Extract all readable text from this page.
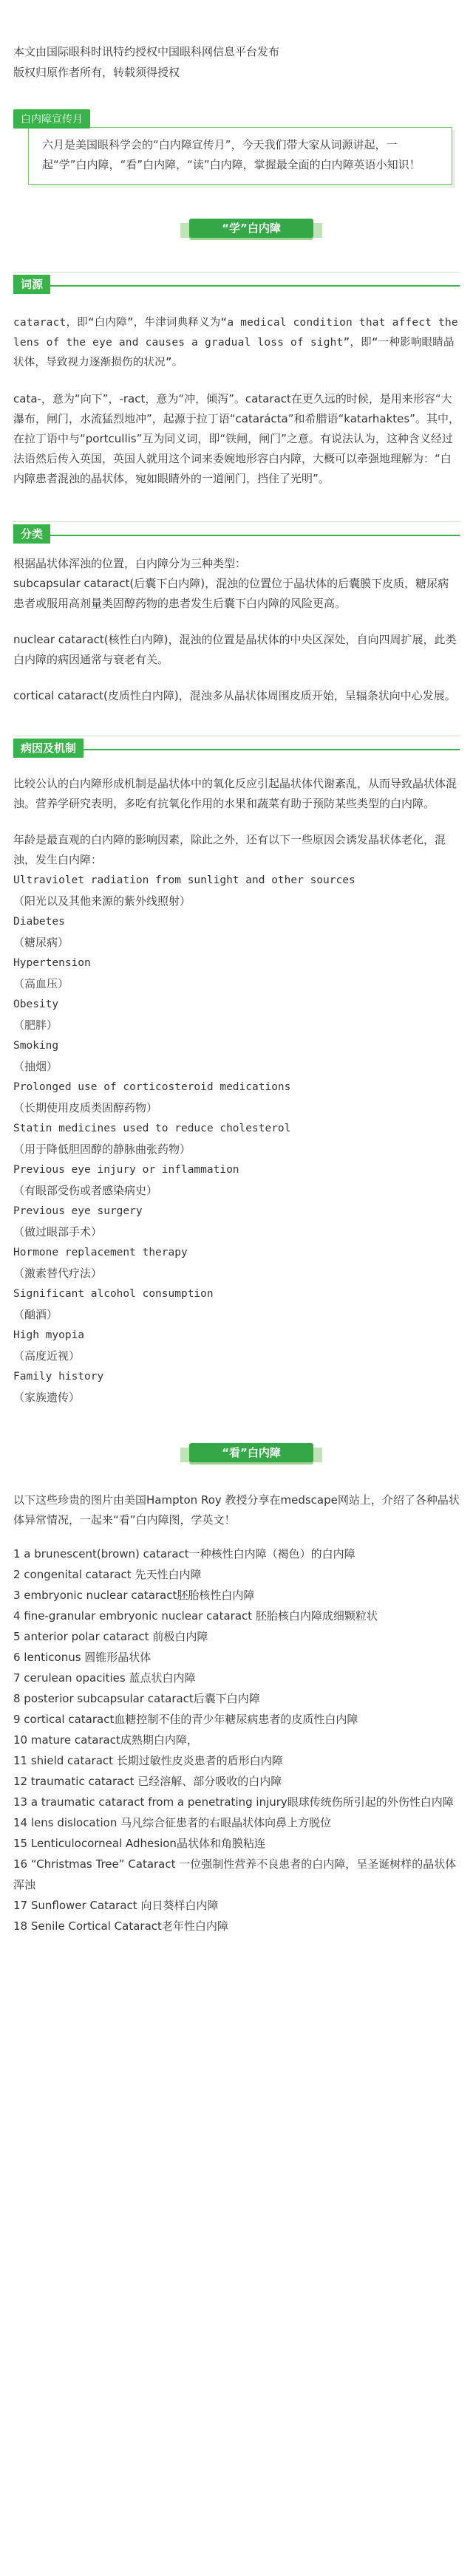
本文由国际眼科时讯特约授权中国眼科网信息平台发布

版权归原作者所有，转载须得授权

白内障宣传月
六月是美国眼科学会的“白内障宣传月”，今天我们带大家从词源讲起，一起“学”白内障，“看”白内障，“读”白内障，掌握最全面的白内障英语小知识！
“学”白内障
词源

cataract，即“白内障”，牛津词典释义为“a medical condition that affect the lens of the eye and causes a gradual loss of sight”，即“一种影响眼睛晶状体，导致视力逐渐损伤的状况”。

cata-，意为“向下”，-ract，意为“冲，倾泻”。cataract在更久远的时候，是用来形容“大瀑布，闸门，水流猛烈地冲”，起源于拉丁语“catarácta”和希腊语“katarhaktes”。其中，在拉丁语中与“portcullis”互为同义词，即“铁闸，闸门”之意。有说法认为，这种含义经过法语然后传入英国，英国人就用这个词来委婉地形容白内障，大概可以牵强地理解为：“白内障患者混浊的晶状体，宛如眼睛外的一道闸门，挡住了光明”。

分类

根据晶状体浑浊的位置，白内障分为三种类型：

subcapsular cataract(后囊下白内障)，混浊的位置位于晶状体的后囊膜下皮质，糖尿病患者或服用高剂量类固醇药物的患者发生后囊下白内障的风险更高。

nuclear cataract(核性白内障)，混浊的位置是晶状体的中央区深处，自向四周扩展，此类白内障的病因通常与衰老有关。

cortical cataract(皮质性白内障)，混浊多从晶状体周围皮质开始，呈辐条状向中心发展。

病因及机制

比较公认的白内障形成机制是晶状体中的氧化反应引起晶状体代谢紊乱，从而导致晶状体混浊。营养学研究表明，多吃有抗氧化作用的水果和蔬菜有助于预防某些类型的白内障。

年龄是最直观的白内障的影响因素，除此之外，还有以下一些原因会诱发晶状体老化，混浊，发生白内障：

Ultraviolet radiation from sunlight and other sources
（阳光以及其他来源的紫外线照射）
Diabetes
（糖尿病）
Hypertension
（高血压）
Obesity
（肥胖）
Smoking
（抽烟）
Prolonged use of corticosteroid medications
（长期使用皮质类固醇药物）
Statin medicines used to reduce cholesterol
（用于降低胆固醇的静脉曲张药物）
Previous eye injury or inflammation
（有眼部受伤或者感染病史）
Previous eye surgery
（做过眼部手术）
Hormone replacement therapy
（激素替代疗法）
Significant alcohol consumption
（酗酒）
High myopia
（高度近视）
Family history
（家族遗传）
“看”白内障

以下这些珍贵的图片由美国Hampton Roy 教授分享在medscape网站上，介绍了各种晶状体异常情况，一起来“看”白内障图，学英文！

1 a brunescent(brown) cataract一种核性白内障（褐色）的白内障
2 congenital cataract 先天性白内障
3 embryonic nuclear cataract胚胎核性白内障
4 fine-granular embryonic nuclear cataract 胚胎核白内障成细颗粒状
5 anterior polar cataract 前极白内障
6 lenticonus 圆锥形晶状体
7 cerulean opacities 蓝点状白内障
8 posterior subcapsular cataract后囊下白内障
9 cortical cataract血糖控制不佳的青少年糖尿病患者的皮质性白内障
10 mature cataract成熟期白内障，
11 shield cataract 长期过敏性皮炎患者的盾形白内障
12 traumatic cataract 已经溶解、部分吸收的白内障
13 a traumatic cataract from a penetrating injury眼球传统伤所引起的外伤性白内障
14 lens dislocation 马凡综合征患者的右眼晶状体向鼻上方脱位
15 Lenticulocorneal Adhesion晶状体和角膜粘连
16 “Christmas Tree” Cataract 一位强制性营养不良患者的白内障，呈圣诞树样的晶状体浑浊
17 Sunflower Cataract 向日葵样白内障
18 Senile Cortical Cataract老年性白内障
